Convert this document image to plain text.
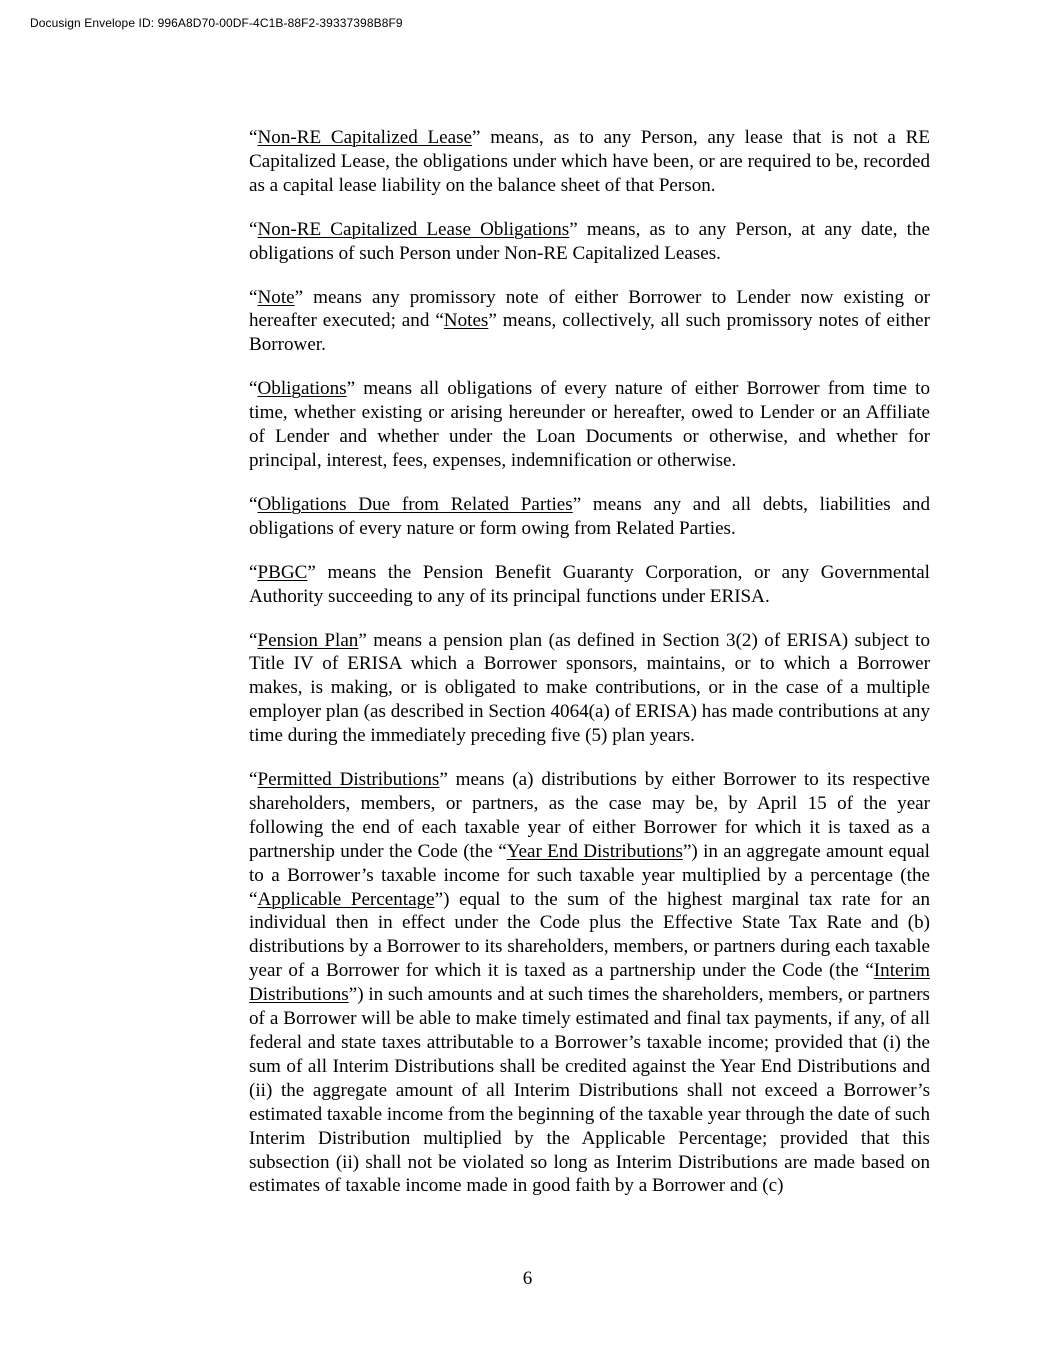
Docusign Envelope ID: 996A8D70-00DF-4C1B-88F2-39337398B8F9

“Non-RE Capitalized Lease” means, as to any Person, any lease that is not a RE Capitalized Lease, the obligations under which have been, or are required to be, recorded as a capital lease liability on the balance sheet of that Person.

“Non-RE Capitalized Lease Obligations” means, as to any Person, at any date, the obligations of such Person under Non-RE Capitalized Leases.

“Note” means any promissory note of either Borrower to Lender now existing or hereafter executed; and “Notes” means, collectively, all such promissory notes of either Borrower.

“Obligations” means all obligations of every nature of either Borrower from time to time, whether existing or arising hereunder or hereafter, owed to Lender or an Affiliate of Lender and whether under the Loan Documents or otherwise, and whether for principal, interest, fees, expenses, indemnification or otherwise.

“Obligations Due from Related Parties” means any and all debts, liabilities and obligations of every nature or form owing from Related Parties.

“PBGC” means the Pension Benefit Guaranty Corporation, or any Governmental Authority succeeding to any of its principal functions under ERISA.

“Pension Plan” means a pension plan (as defined in Section 3(2) of ERISA) subject to Title IV of ERISA which a Borrower sponsors, maintains, or to which a Borrower makes, is making, or is obligated to make contributions, or in the case of a multiple employer plan (as described in Section 4064(a) of ERISA) has made contributions at any time during the immediately preceding five (5) plan years.

“Permitted Distributions” means (a) distributions by either Borrower to its respective shareholders, members, or partners, as the case may be, by April 15 of the year following the end of each taxable year of either Borrower for which it is taxed as a partnership under the Code (the “Year End Distributions”) in an aggregate amount equal to a Borrower’s taxable income for such taxable year multiplied by a percentage (the “Applicable Percentage”) equal to the sum of the highest marginal tax rate for an individual then in effect under the Code plus the Effective State Tax Rate and (b) distributions by a Borrower to its shareholders, members, or partners during each taxable year of a Borrower for which it is taxed as a partnership under the Code (the “Interim Distributions”) in such amounts and at such times the shareholders, members, or partners of a Borrower will be able to make timely estimated and final tax payments, if any, of all federal and state taxes attributable to a Borrower’s taxable income; provided that (i) the sum of all Interim Distributions shall be credited against the Year End Distributions and (ii) the aggregate amount of all Interim Distributions shall not exceed a Borrower’s estimated taxable income from the beginning of the taxable year through the date of such Interim Distribution multiplied by the Applicable Percentage; provided that this subsection (ii) shall not be violated so long as Interim Distributions are made based on estimates of taxable income made in good faith by a Borrower and (c)

6
